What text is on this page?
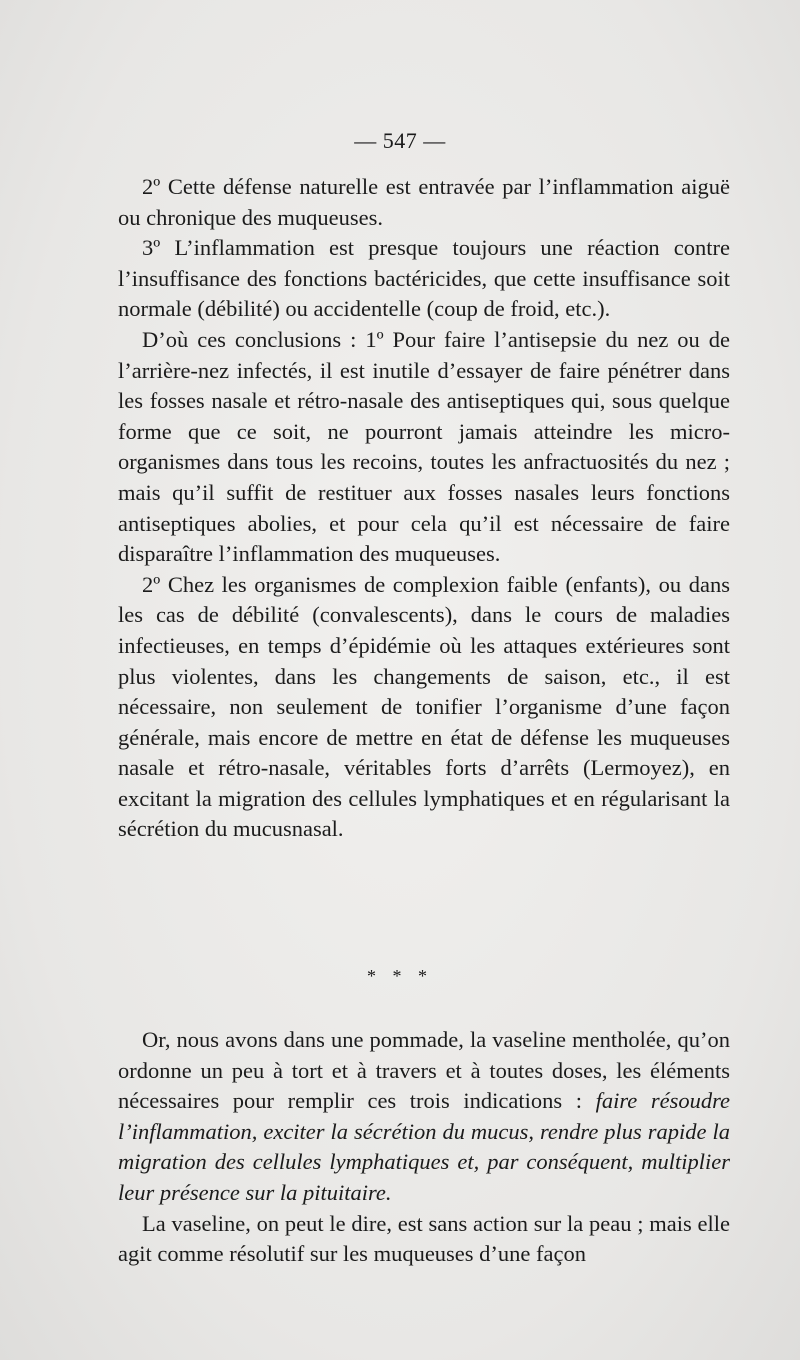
— 547 —

2º Cette défense naturelle est entravée par l’inflammation aiguë ou chronique des muqueuses.

3º L’inflammation est presque toujours une réaction contre l’insuffisance des fonctions bactéricides, que cette insuffisance soit normale (débilité) ou accidentelle (coup de froid, etc.).

D’où ces conclusions : 1º Pour faire l’antisepsie du nez ou de l’arrière-nez infectés, il est inutile d’essayer de faire pénétrer dans les fosses nasale et rétro-nasale des antiseptiques qui, sous quelque forme que ce soit, ne pourront jamais atteindre les micro-organismes dans tous les recoins, toutes les anfractuosités du nez ; mais qu’il suffit de restituer aux fosses nasales leurs fonctions antiseptiques abolies, et pour cela qu’il est nécessaire de faire disparaître l’inflammation des muqueuses.

2º Chez les organismes de complexion faible (enfants), ou dans les cas de débilité (convalescents), dans le cours de maladies infectieuses, en temps d’épidémie où les attaques extérieures sont plus violentes, dans les changements de saison, etc., il est nécessaire, non seulement de tonifier l’organisme d’une façon générale, mais encore de mettre en état de défense les muqueuses nasale et rétro-nasale, véritables forts d’arrêts (Lermoyez), en excitant la migration des cellules lymphatiques et en régularisant la sécrétion du mucusnasal.

* * *

Or, nous avons dans une pommade, la vaseline mentholée, qu’on ordonne un peu à tort et à travers et à toutes doses, les éléments nécessaires pour remplir ces trois indications : faire résoudre l’inflammation, exciter la sécrétion du mucus, rendre plus rapide la migration des cellules lymphatiques et, par conséquent, multiplier leur présence sur la pituitaire.

La vaseline, on peut le dire, est sans action sur la peau ; mais elle agit comme résolutif sur les muqueuses d’une façon
